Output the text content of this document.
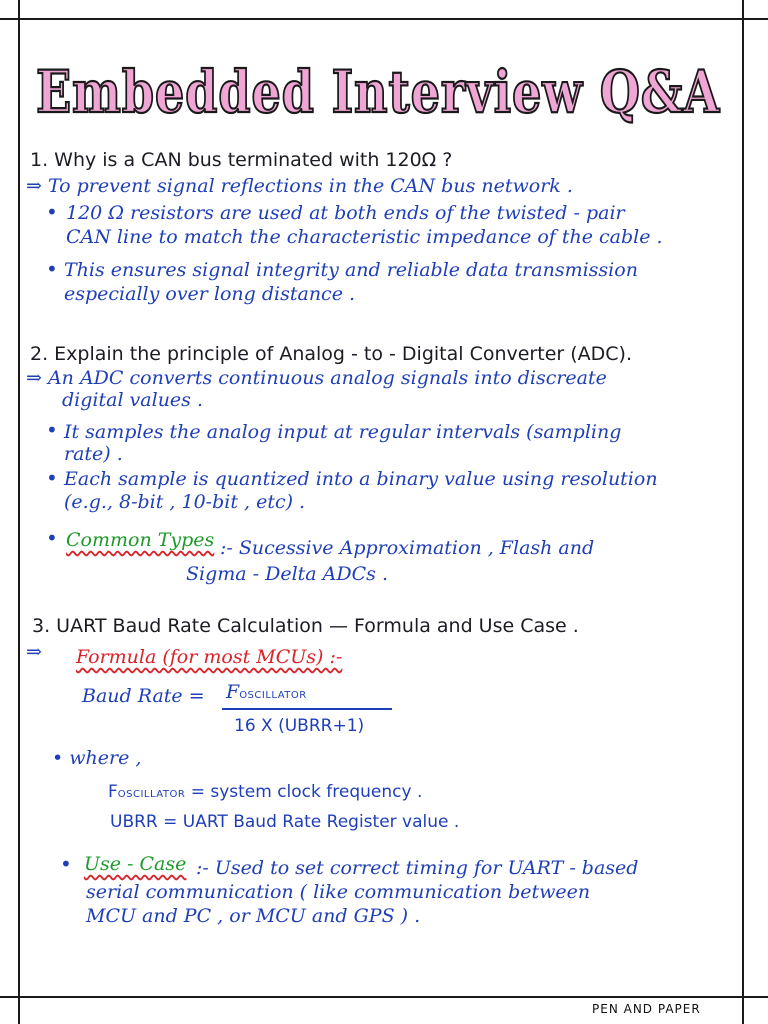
Embedded Interview Q&A
1. Why is a CAN bus terminated with 120Ω ?
⇒ To prevent signal reflections in the CAN bus network .
• 120 Ω resistors are used at both ends of the twisted - pair
CAN line to match the characteristic impedance of the cable .
• This ensures signal integrity and reliable data transmission
especially over long distance .
2. Explain the principle of Analog - to - Digital Converter (ADC).
⇒ An ADC converts continuous analog signals into discreate
digital values .
• It samples the analog input at regular intervals (sampling
rate) .
• Each sample is quantized into a binary value using resolution
(e.g., 8-bit , 10-bit , etc) .
• Common Types :- Sucessive Approximation , Flash and
Sigma - Delta ADCs .
3. UART Baud Rate Calculation — Formula and Use Case .
⇒ Formula (for most MCUs) :-
Baud Rate = FOSCILLATOR
16 X (UBRR+1)
• where ,
FOSCILLATOR = system clock frequency .
UBRR = UART Baud Rate Register value .
• Use - Case :- Used to set correct timing for UART - based
serial communication ( like communication between
MCU and PC , or MCU and GPS ) .
PEN AND PAPER
